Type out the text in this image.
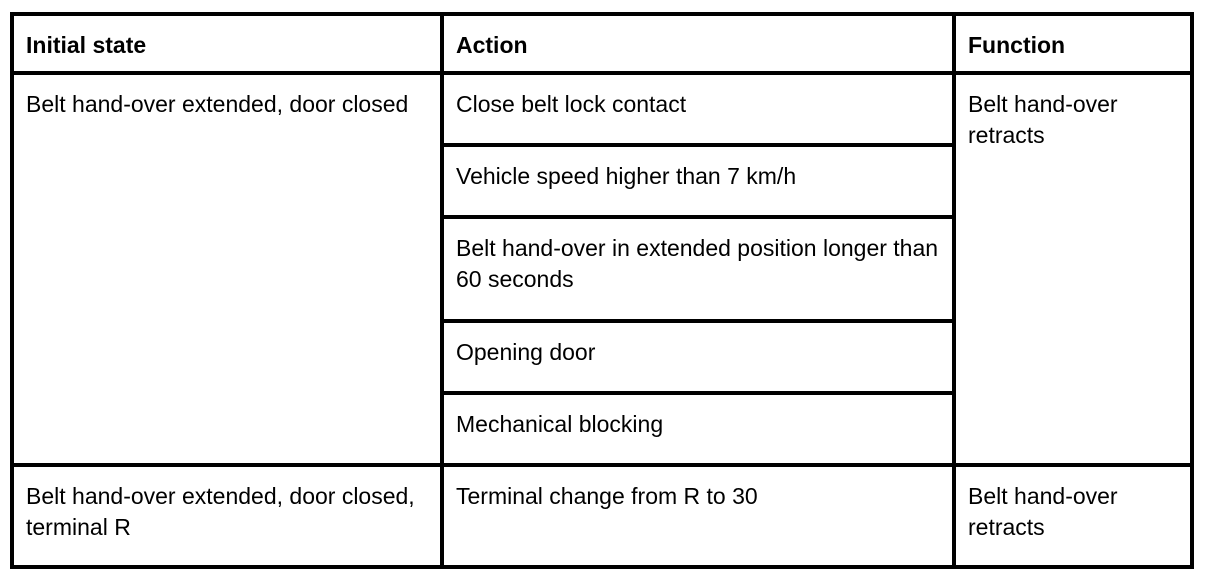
Initial state	Action	Function
Belt hand-over extended, door closed	Close belt lock contact	Belt hand-over retracts
	Vehicle speed higher than 7 km/h	
	Belt hand-over in extended position longer than 60 seconds	
	Opening door	
	Mechanical blocking	
Belt hand-over extended, door closed, terminal R	Terminal change from R to 30	Belt hand-over retracts
